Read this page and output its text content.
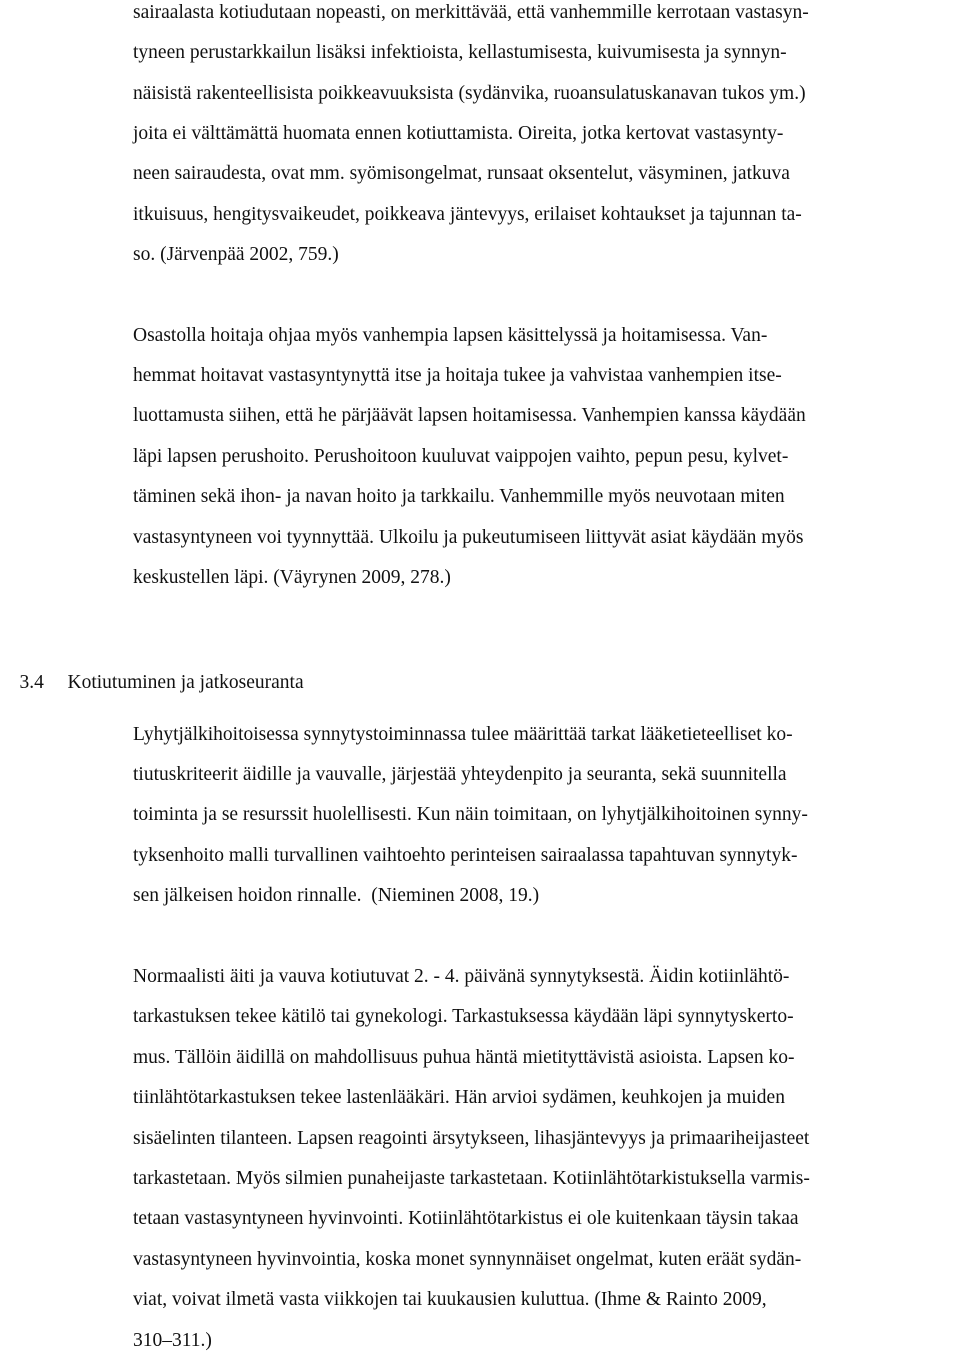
sairaalasta kotiudutaan nopeasti, on merkittävää, että vanhemmille kerrotaan vastasyn-
tyneen perustarkkailun lisäksi infektioista, kellastumisesta, kuivumisesta ja synnyn-
näisistä rakenteellisista poikkeavuuksista (sydänvika, ruoansulatuskanavan tukos ym.)
joita ei välttämättä huomata ennen kotiuttamista. Oireita, jotka kertovat vastasynty-
neen sairaudesta, ovat mm. syömisongelmat, runsaat oksentelut, väsyminen, jatkuva
itkuisuus, hengitysvaikeudet, poikkeava jäntevyys, erilaiset kohtaukset ja tajunnan ta-
so. (Järvenpää 2002, 759.)
Osastolla hoitaja ohjaa myös vanhempia lapsen käsittelyssä ja hoitamisessa. Van-
hemmat hoitavat vastasyntynyttä itse ja hoitaja tukee ja vahvistaa vanhempien itse-
luottamusta siihen, että he pärjäävät lapsen hoitamisessa. Vanhempien kanssa käydään
läpi lapsen perushoito. Perushoitoon kuuluvat vaippojen vaihto, pepun pesu, kylvet-
täminen sekä ihon- ja navan hoito ja tarkkailu. Vanhemmille myös neuvotaan miten
vastasyntyneen voi tyynnyttää. Ulkoilu ja pukeutumiseen liittyvät asiat käydään myös
keskustellen läpi. (Väyrynen 2009, 278.)

3.4 Kotiutuminen ja jatkoseuranta

Lyhytjälkihoitoisessa synnytystoiminnassa tulee määrittää tarkat lääketieteelliset ko-
tiutuskriteerit äidille ja vauvalle, järjestää yhteydenpito ja seuranta, sekä suunnitella
toiminta ja se resurssit huolellisesti. Kun näin toimitaan, on lyhytjälkihoitoinen synny-
tyksenhoito malli turvallinen vaihtoehto perinteisen sairaalassa tapahtuvan synnytyk-
sen jälkeisen hoidon rinnalle.  (Nieminen 2008, 19.)
Normaalisti äiti ja vauva kotiutuvat 2. - 4. päivänä synnytyksestä. Äidin kotiinlähtö-
tarkastuksen tekee kätilö tai gynekologi. Tarkastuksessa käydään läpi synnytyskerto-
mus. Tällöin äidillä on mahdollisuus puhua häntä mietityttävistä asioista. Lapsen ko-
tiinlähtötarkastuksen tekee lastenlääkäri. Hän arvioi sydämen, keuhkojen ja muiden
sisäelinten tilanteen. Lapsen reagointi ärsytykseen, lihasjäntevyys ja primaariheijasteet
tarkastetaan. Myös silmien punaheijaste tarkastetaan. Kotiinlähtötarkistuksella varmis-
tetaan vastasyntyneen hyvinvointi. Kotiinlähtötarkistus ei ole kuitenkaan täysin takaa
vastasyntyneen hyvinvointia, koska monet synnynnäiset ongelmat, kuten eräät sydän-
viat, voivat ilmetä vasta viikkojen tai kuukausien kuluttua. (Ihme & Rainto 2009,
310–311.)
